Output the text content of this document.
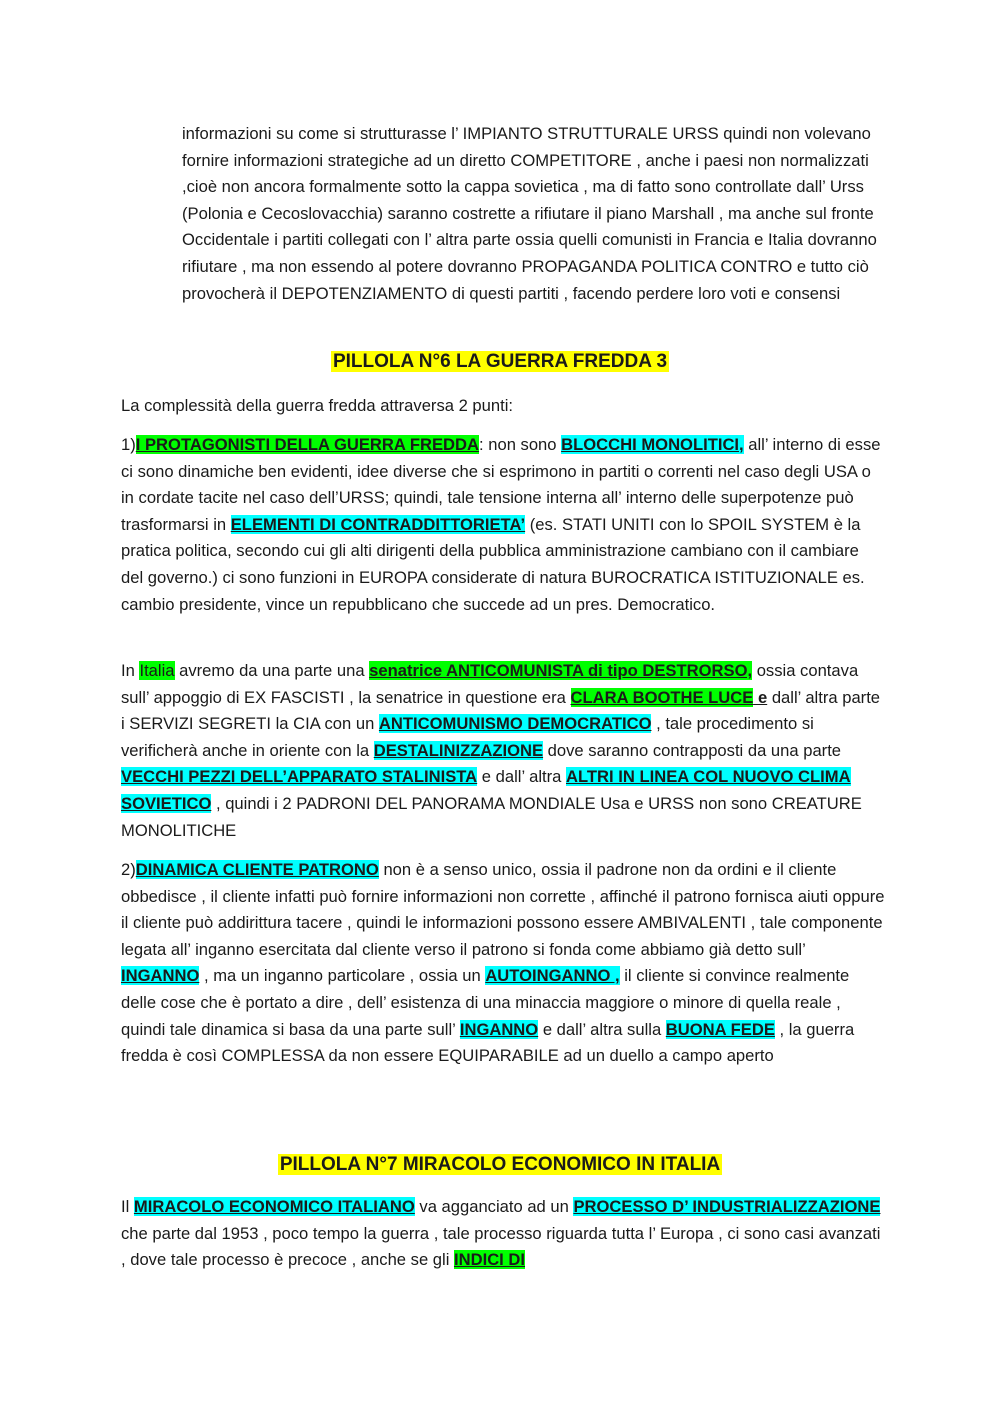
informazioni su come si strutturasse l’ IMPIANTO STRUTTURALE URSS quindi non volevano fornire informazioni strategiche ad un diretto COMPETITORE , anche i paesi non normalizzati ,cioè non ancora formalmente sotto la cappa sovietica , ma di fatto sono controllate dall’ Urss (Polonia e Cecoslovacchia) saranno costrette a rifiutare il piano Marshall , ma anche sul fronte Occidentale i partiti collegati con l’ altra parte ossia quelli comunisti in Francia e Italia dovranno rifiutare , ma non essendo al potere dovranno PROPAGANDA POLITICA CONTRO e tutto ciò provocherà il DEPOTENZIAMENTO di questi partiti , facendo perdere loro voti e consensi

PILLOLA N°6 LA GUERRA FREDDA 3

La complessità della guerra fredda attraversa 2 punti:

1)I PROTAGONISTI DELLA GUERRA FREDDA: non sono BLOCCHI MONOLITICI, all’ interno di esse ci sono dinamiche ben evidenti, idee diverse che si esprimono in partiti o correnti nel caso degli USA o in cordate tacite nel caso dell’URSS; quindi, tale tensione interna all’ interno delle superpotenze può trasformarsi in ELEMENTI DI CONTRADDITTORIETA’ (es. STATI UNITI con lo SPOIL SYSTEM è la pratica politica, secondo cui gli alti dirigenti della pubblica amministrazione cambiano con il cambiare del governo.) ci sono funzioni in EUROPA considerate di natura BUROCRATICA ISTITUZIONALE es. cambio presidente, vince un repubblicano che succede ad un pres. Democratico.

In Italia avremo da una parte una senatrice ANTICOMUNISTA di tipo DESTRORSO, ossia contava sull’ appoggio di EX FASCISTI , la senatrice in questione era CLARA BOOTHE LUCE e dall’ altra parte i SERVIZI SEGRETI la CIA con un ANTICOMUNISMO DEMOCRATICO , tale procedimento si verificherà anche in oriente con la DESTALINIZZAZIONE dove saranno contrapposti da una parte VECCHI PEZZI DELL’APPARATO STALINISTA e dall’ altra ALTRI IN LINEA COL NUOVO CLIMA SOVIETICO , quindi i 2 PADRONI DEL PANORAMA MONDIALE Usa e URSS non sono CREATURE MONOLITICHE

2)DINAMICA CLIENTE PATRONO non è a senso unico, ossia il padrone non da ordini e il cliente obbedisce , il cliente infatti può fornire informazioni non corrette , affinché il patrono fornisca aiuti oppure il cliente può addirittura tacere , quindi le informazioni possono essere AMBIVALENTI , tale componente legata all’ inganno esercitata dal cliente verso il patrono si fonda come abbiamo già detto sull’ INGANNO , ma un inganno particolare , ossia un AUTOINGANNO , il cliente si convince realmente delle cose che è portato a dire , dell’ esistenza di una minaccia maggiore o minore di quella reale , quindi tale dinamica si basa da una parte sull’ INGANNO e dall’ altra sulla BUONA FEDE , la guerra fredda è così COMPLESSA da non essere EQUIPARABILE ad un duello a campo aperto

PILLOLA N°7 MIRACOLO ECONOMICO IN ITALIA

Il MIRACOLO ECONOMICO ITALIANO va agganciato ad un PROCESSO D’ INDUSTRIALIZZAZIONE che parte dal 1953 , poco tempo la guerra , tale processo riguarda tutta l’ Europa , ci sono casi avanzati , dove tale processo è precoce , anche se gli INDICI DI
